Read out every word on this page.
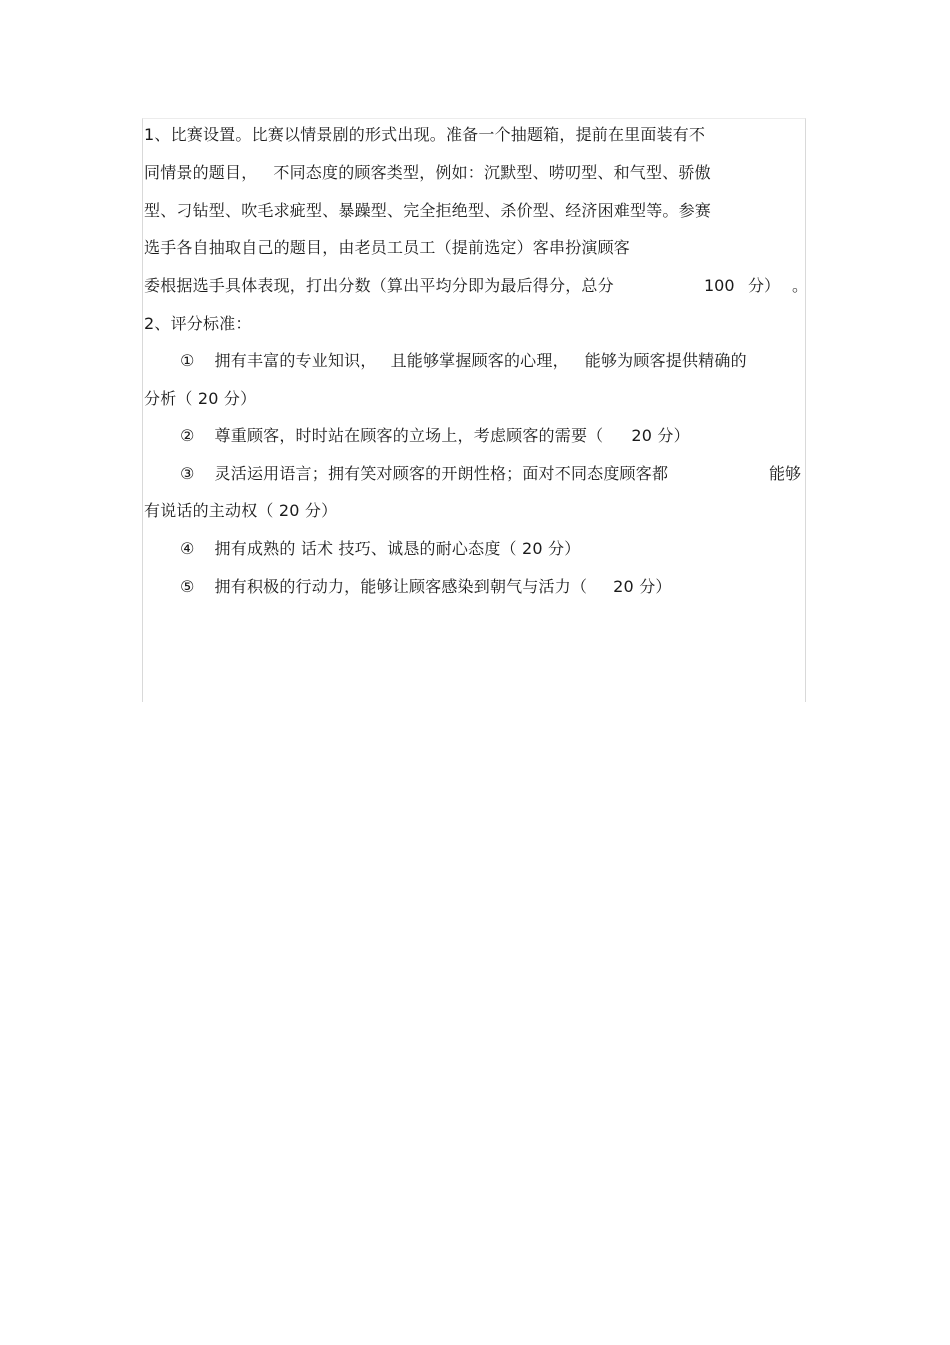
1、比赛设置。比赛以情景剧的形式出现。准备一个抽题箱，提前在里面装有不
同情景的题目， 不同态度的顾客类型，例如：沉默型、唠叨型、和气型、骄傲
型、刁钻型、吹毛求疵型、暴躁型、完全拒绝型、杀价型、经济困难型等。参赛
选手各自抽取自己的题目，由老员工员工（提前选定）客串扮演顾客
委根据选手具体表现，打出分数（算出平均分即为最后得分，总分	100 分） 。
2、评分标准：
① 拥有丰富的专业知识， 且能够掌握顾客的心理， 能够为顾客提供精确的
分析（ 20 分）
② 尊重顾客，时时站在顾客的立场上，考虑顾客的需要（ 20 分）
③ 灵活运用语言；拥有笑对顾客的开朗性格；面对不同态度顾客都	能够
有说话的主动权（ 20 分）
④ 拥有成熟的 话术 技巧、诚恳的耐心态度（ 20 分）
⑤ 拥有积极的行动力，能够让顾客感染到朝气与活力（ 20 分）
